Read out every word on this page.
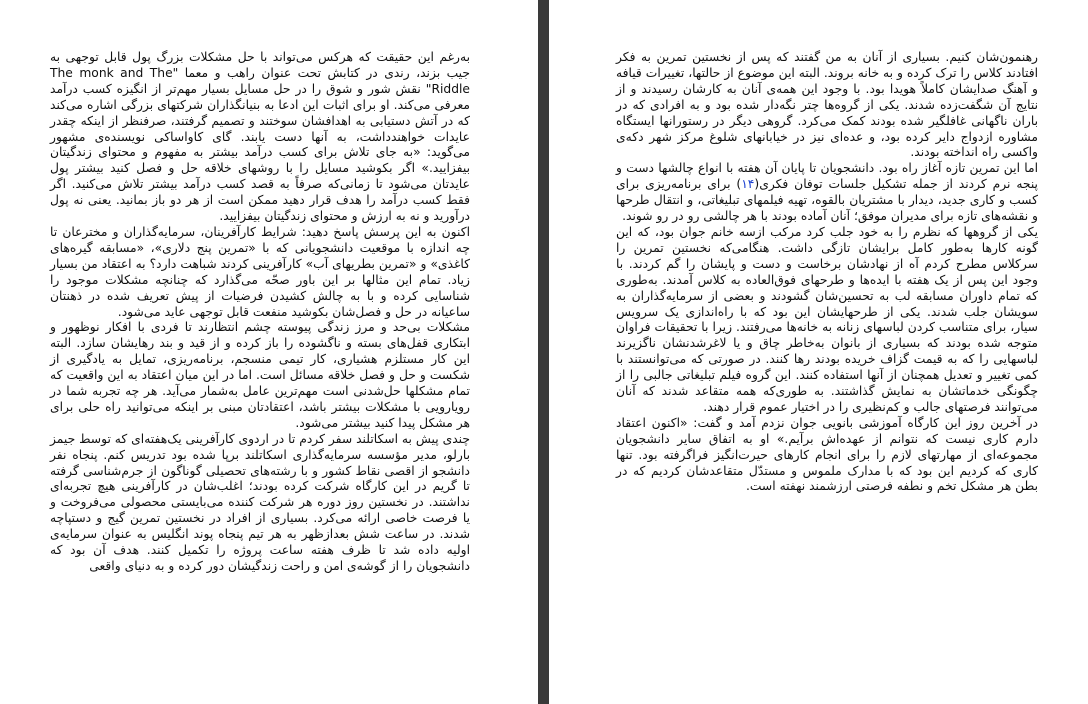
به‌رغم این حقیقت که هرکس می‌تواند با حل مشکلات بزرگ پول قابل توجهی به جیب بزند، رندی در کتابش تحت عنوان راهب و معما "The monk and The Riddle" نقش شور و شوق را در حل مسایل بسیار مهم‌تر از انگیزه کسب درآمد معرفی می‌کند. او برای اثبات این ادعا به بنیانگذاران شرکتهای بزرگی اشاره می‌کند که در آتش دستیابی به اهدافشان سوختند و تصمیم گرفتند، صرفنظر از اینکه چقدر عایدات خواهندداشت، به آنها دست یابند. گای کاواساکی نویسنده‌ی مشهور می‌گوید: «به جای تلاش برای کسب درآمد بیشتر به مفهوم و محتوای زندگیتان بیفزایید.» اگر بکوشید مسایل را با روشهای خلاقه حل و فصل کنید بیشتر پول عایدتان می‌شود تا زمانی‌که صرفاً به قصد کسب درآمد بیشتر تلاش می‌کنید. اگر فقط کسب درآمد را هدف قرار دهید ممکن است از هر دو باز بمانید. یعنی نه پول درآورید و نه به ارزش و محتوای زندگیتان بیفزایید.

اکنون به این پرسش پاسخ دهید: شرایط کارآفرینان، سرمایه‌گذاران و مخترعان تا چه اندازه با موقعیت دانشجویانی که با «تمرین پنج دلاری»، «مسابقه گیره‌های کاغذی» و «تمرین بطریهای آب» کارآفرینی کردند شباهت دارد؟ به اعتقاد من بسیار زیاد. تمام این مثالها بر این باور صحّه می‌گذارد که چنانچه مشکلات موجود را شناسایی کرده و با به چالش کشیدن فرضیات از پیش تعریف شده در ذهنتان ساعیانه در حل و فصل‌شان بکوشید منفعت قابل توجهی عاید می‌شود.

مشکلات بی‌حد و مرز زندگی پیوسته چشم انتظارند تا فردی با افکار نوظهور و ابتکاری قفل‌های بسته و ناگشوده را باز کرده و از قید و بند رهایشان سازد. البته این کار مستلزم هشیاری، کار تیمی منسجم، برنامه‌ریزی، تمایل به یادگیری از شکست و حل و فصل خلاقه مسائل است. اما در این میان اعتقاد به این واقعیت که تمام مشکلها حل‌شدنی است مهم‌ترین عامل به‌شمار می‌آید. هر چه تجربه شما در رویارویی با مشکلات بیشتر باشد، اعتقادتان مبنی بر اینکه می‌توانید راه حلی برای هر مشکل پیدا کنید بیشتر می‌شود.

چندی پیش به اسکاتلند سفر کردم تا در اردوی کارآفرینی یک‌هفته‌ای که توسط جیمز بارلو، مدیر مؤسسه سرمایه‌گذاری اسکاتلند برپا شده بود تدریس کنم. پنجاه نفر دانشجو از اقصی نقاط کشور و با رشته‌های تحصیلی گوناگون از جرم‌شناسی گرفته تا گریم در این کارگاه شرکت کرده بودند؛ اغلب‌شان در کارآفرینی هیچ تجربه‌ای نداشتند. در نخستین روز دوره هر شرکت کننده می‌بایستی محصولی می‌فروخت و یا فرصت خاصی ارائه می‌کرد. بسیاری از افراد در نخستین تمرین گیج و دستپاچه شدند. در ساعت شش بعدازظهر به هر تیم پنجاه پوند انگلیس به عنوان سرمایه‌ی اولیه داده شد تا ظرف هفته ساعت پروژه را تکمیل کنند. هدف آن بود که دانشجویان را از گوشه‌ی امن و راحت زندگیشان دور کرده و به دنیای واقعی

رهنمون‌شان کنیم. بسیاری از آنان به من گفتند که پس از نخستین تمرین به فکر افتادند کلاس را ترک کرده و به خانه بروند. البته این موضوع از حالتها، تغییرات قیافه و آهنگ صدایشان کاملاً هویدا بود. با وجود این همه‌ی آنان به کارشان رسیدند و از نتایج آن شگفت‌زده شدند. یکی از گروه‌ها چتر نگه‌دار شده بود و به افرادی که در باران ناگهانی غافلگیر شده بودند کمک می‌کرد. گروهی دیگر در رستورانها ایستگاه مشاوره ازدواج دایر کرده بود، و عده‌ای نیز در خیابانهای شلوغ مرکز شهر دکه‌ی واکسی راه انداخته بودند.

اما این تمرین تازه آغاز راه بود. دانشجویان تا پایان آن هفته با انواع چالشها دست و پنجه نرم کردند از جمله تشکیل جلسات توفان فکری(۱۴) برای برنامه‌ریزی برای کسب و کاری جدید، دیدار با مشتریان بالقوه، تهیه فیلمهای تبلیغاتی، و انتقال طرحها و نقشه‌های تازه برای مدیران موفق؛ آنان آماده بودند با هر چالشی رو در رو شوند.

یکی از گروهها که نظرم را به خود جلب کرد مرکب ازسه خانم جوان بود، که این گونه کارها به‌طور کامل برایشان تازگی داشت. هنگامی‌که نخستین تمرین را سرکلاس مطرح کردم آه از نهادشان برخاست و دست و پایشان را گم کردند. با وجود این پس از یک هفته با ایده‌ها و طرحهای فوق‌العاده به کلاس آمدند. به‌طوری که تمام داوران مسابقه لب به تحسین‌شان گشودند و بعضی از سرمایه‌گذاران به سویشان جلب شدند. یکی از طرحهایشان این بود که با راه‌اندازی یک سرویس سیار، برای متناسب کردن لباسهای زنانه به خانه‌ها می‌رفتند. زیرا با تحقیقات فراوان متوجه شده بودند که بسیاری از بانوان به‌خاطر چاق و یا لاغرشدنشان ناگزیرند لباسهایی را که به قیمت گزاف خریده بودند رها کنند. در صورتی که می‌توانستند با کمی تغییر و تعدیل همچنان از آنها استفاده کنند. این گروه فیلم تبلیغاتی جالبی را از چگونگی خدماتشان به نمایش گذاشتند. به طوری‌که همه متقاعد شدند که آنان می‌توانند فرصتهای جالب و کم‌نظیری را در اختیار عموم قرار دهند.

در آخرین روز این کارگاه آموزشی بانویی جوان نزدم آمد و گفت: «اکنون اعتقاد دارم کاری نیست که نتوانم از عهده‌اش برآیم.» او به اتفاق سایر دانشجویان مجموعه‌ای از مهارتهای لازم را برای انجام کارهای حیرت‌انگیز فراگرفته بود. تنها کاری که کردیم این بود که با مدارک ملموس و مستدّل متقاعدشان کردیم که در بطن هر مشکل تخم و نطفه فرصتی ارزشمند نهفته است.
